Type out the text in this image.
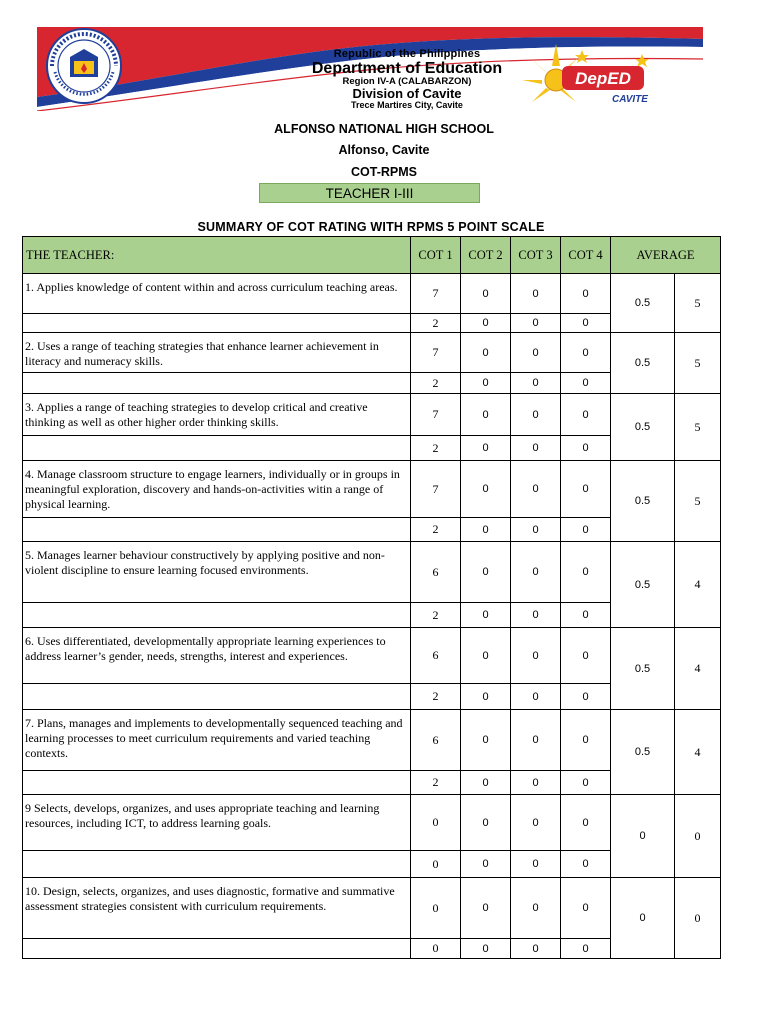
Republic of the Philippines
Department of Education
Region IV-A (CALABARZON)
Division of Cavite
Trece Martires City, Cavite
DepED
CAVITE
ALFONSO NATIONAL HIGH SCHOOL
Alfonso, Cavite
COT-RPMS
TEACHER I-III
SUMMARY OF COT RATING WITH RPMS 5 POINT SCALE
THE TEACHER:	COT 1	COT 2	COT 3	COT 4	AVERAGE	
1. Applies knowledge of content within and across curriculum teaching areas.	7	0	0	0	0.5	5
	2	0	0	0		
2. Uses a range of teaching strategies that enhance learner achievement in literacy and numeracy skills.	7	0	0	0	0.5	5
	2	0	0	0		
3. Applies a range of teaching strategies to develop critical and creative thinking as well as other higher order thinking skills.	7	0	0	0	0.5	5
	2	0	0	0		
4. Manage classroom structure to engage learners, individually or in groups in meaningful exploration, discovery and hands-on-activities witin a range of physical learning.	7	0	0	0	0.5	5
	2	0	0	0		
5. Manages learner behaviour constructively by applying positive and non-violent discipline to ensure learning focused environments.	6	0	0	0	0.5	4
	2	0	0	0		
6. Uses differentiated, developmentally appropriate learning experiences to address learner’s gender, needs, strengths, interest and experiences.	6	0	0	0	0.5	4
	2	0	0	0		
7. Plans, manages and implements to developmentally sequenced teaching and learning processes to meet curriculum requirements and varied teaching contexts.	6	0	0	0	0.5	4
	2	0	0	0		
9 Selects, develops, organizes, and uses appropriate teaching and learning resources, including ICT, to address learning goals.	0	0	0	0	0	0
	0	0	0	0		
10. Design, selects, organizes, and uses diagnostic, formative and summative assessment strategies consistent with curriculum requirements.	0	0	0	0	0	0
	0	0	0	0		
